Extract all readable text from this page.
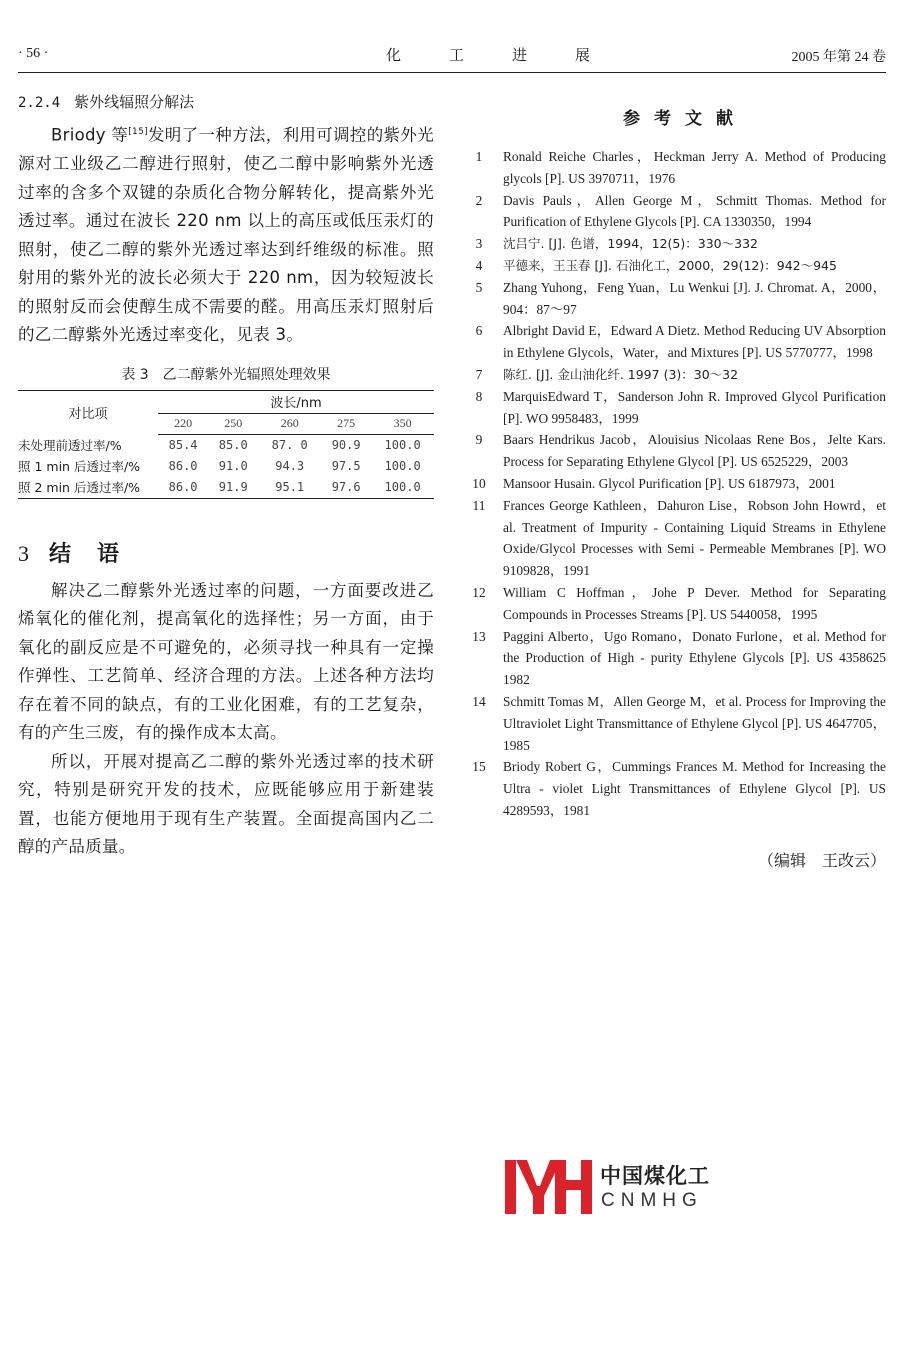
· 56 ·	化工进展	2005 年第 24 卷
2.2.4 紫外线辐照分解法

Briody 等[15]发明了一种方法，利用可调控的紫外光源对工业级乙二醇进行照射，使乙二醇中影响紫外光透过率的含多个双键的杂质化合物分解转化，提高紫外光透过率。通过在波长 220 nm 以上的高压或低压汞灯的照射，使乙二醇的紫外光透过率达到纤维级的标准。照射用的紫外光的波长必须大于 220 nm，因为较短波长的照射反而会使醇生成不需要的醛。用高压汞灯照射后的乙二醇紫外光透过率变化，见表 3。

表 3　乙二醇紫外光辐照处理效果
对比项	波长/nm				
	220	250	260	275	350
未处理前透过率/%	85.4	85.0	87. 0	90.9	100.0
照 1 min 后透过率/%	86.0	91.0	94.3	97.5	100.0
照 2 min 后透过率/%	86.0	91.9	95.1	97.6	100.0
3 结语

解决乙二醇紫外光透过率的问题，一方面要改进乙烯氧化的催化剂，提高氧化的选择性；另一方面，由于氧化的副反应是不可避免的，必须寻找一种具有一定操作弹性、工艺简单、经济合理的方法。上述各种方法均存在着不同的缺点，有的工业化困难，有的工艺复杂，有的产生三废，有的操作成本太高。

所以，开展对提高乙二醇的紫外光透过率的技术研究，特别是研究开发的技术，应既能够应用于新建装置，也能方便地用于现有生产装置。全面提高国内乙二醇的产品质量。

参考文献
1	Ronald Reiche Charles，Heckman Jerry A. Method of Producing glycols [P]. US 3970711，1976
2	Davis Pauls，Allen George M，Schmitt Thomas. Method for Purification of Ethylene Glycols [P]. CA 1330350，1994
3	沈吕宁. [J]. 色谱，1994，12(5)：330～332
4	平德来，王玉春 [J]. 石油化工，2000，29(12)：942～945
5	Zhang Yuhong，Feng Yuan，Lu Wenkui [J]. J. Chromat. A，2000，904：87～97
6	Albright David E，Edward A Dietz. Method Reducing UV Absorption in Ethylene Glycols，Water，and Mixtures [P]. US 5770777，1998
7	陈红. [J]. 金山油化纤. 1997 (3)：30～32
8	MarquisEdward T，Sanderson John R. Improved Glycol Purification [P]. WO 9958483，1999
9	Baars Hendrikus Jacob，Alouisius Nicolaas Rene Bos，Jelte Kars. Process for Separating Ethylene Glycol [P]. US 6525229，2003
10 Mansoor Husain. Glycol Purification [P]. US 6187973，2001
11 Frances George Kathleen，Dahuron Lise，Robson John Howrd，et al. Treatment of Impurity - Containing Liquid Streams in Ethylene Oxide/Glycol Processes with Semi - Permeable Membranes [P]. WO 9109828，1991
12 William C Hoffman，Johe P Dever. Method for Separating Compounds in Processes Streams [P]. US 5440058，1995
13 Paggini Alberto，Ugo Romano，Donato Furlone，et al. Method for the Production of High - purity Ethylene Glycols [P]. US 4358625 1982
14 Schmitt Tomas M，Allen George M，et al. Process for Improving the Ultraviolet Light Transmittance of Ethylene Glycol [P]. US 4647705，1985
15 Briody Robert G，Cummings Frances M. Method for Increasing the Ultra - violet Light Transmittances of Ethylene Glycol [P]. US 4289593，1981
（编辑　王改云）
中国煤化工
CNMHG
